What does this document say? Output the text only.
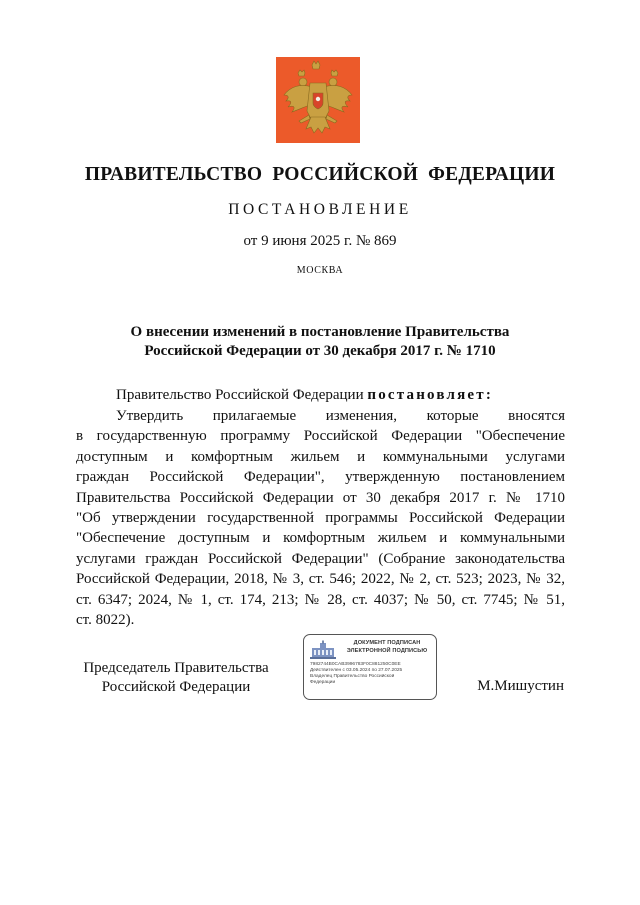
ПРАВИТЕЛЬСТВО РОССИЙСКОЙ ФЕДЕРАЦИИ
ПОСТАНОВЛЕНИЕ
от 9 июня 2025 г. № 869
МОСКВА
О внесении изменений в постановление Правительства
Российской Федерации от 30 декабря 2017 г. № 1710
Правительство Российской Федерации постановляет:
Утвердить прилагаемые изменения, которые вносятся
в государственную программу Российской Федерации "Обеспечение
доступным и комфортным жильем и коммунальными услугами
граждан Российской Федерации", утвержденную постановлением
Правительства Российской Федерации от 30 декабря 2017 г. № 1710
"Об утверждении государственной программы Российской Федерации
"Обеспечение доступным и комфортным жильем и коммунальными
услугами граждан Российской Федерации" (Собрание законодательства
Российской Федерации, 2018, № 3, ст. 546; 2022, № 2, ст. 523; 2023, № 32,
ст. 6347; 2024, № 1, ст. 174, 213; № 28, ст. 4037; № 50, ст. 7745; № 51,
ст. 8022).
Председатель Правительства
Российской Федерации
ДОКУМЕНТ ПОДПИСАН
ЭЛЕКТРОННОЙ ПОДПИСЬЮ
7982744B0CAB3996783F0C881250C0EE
Действителен с 03.05.2024 по 27.07.2025
Владелец Правительство Российской
Федерации	М.Мишустин
